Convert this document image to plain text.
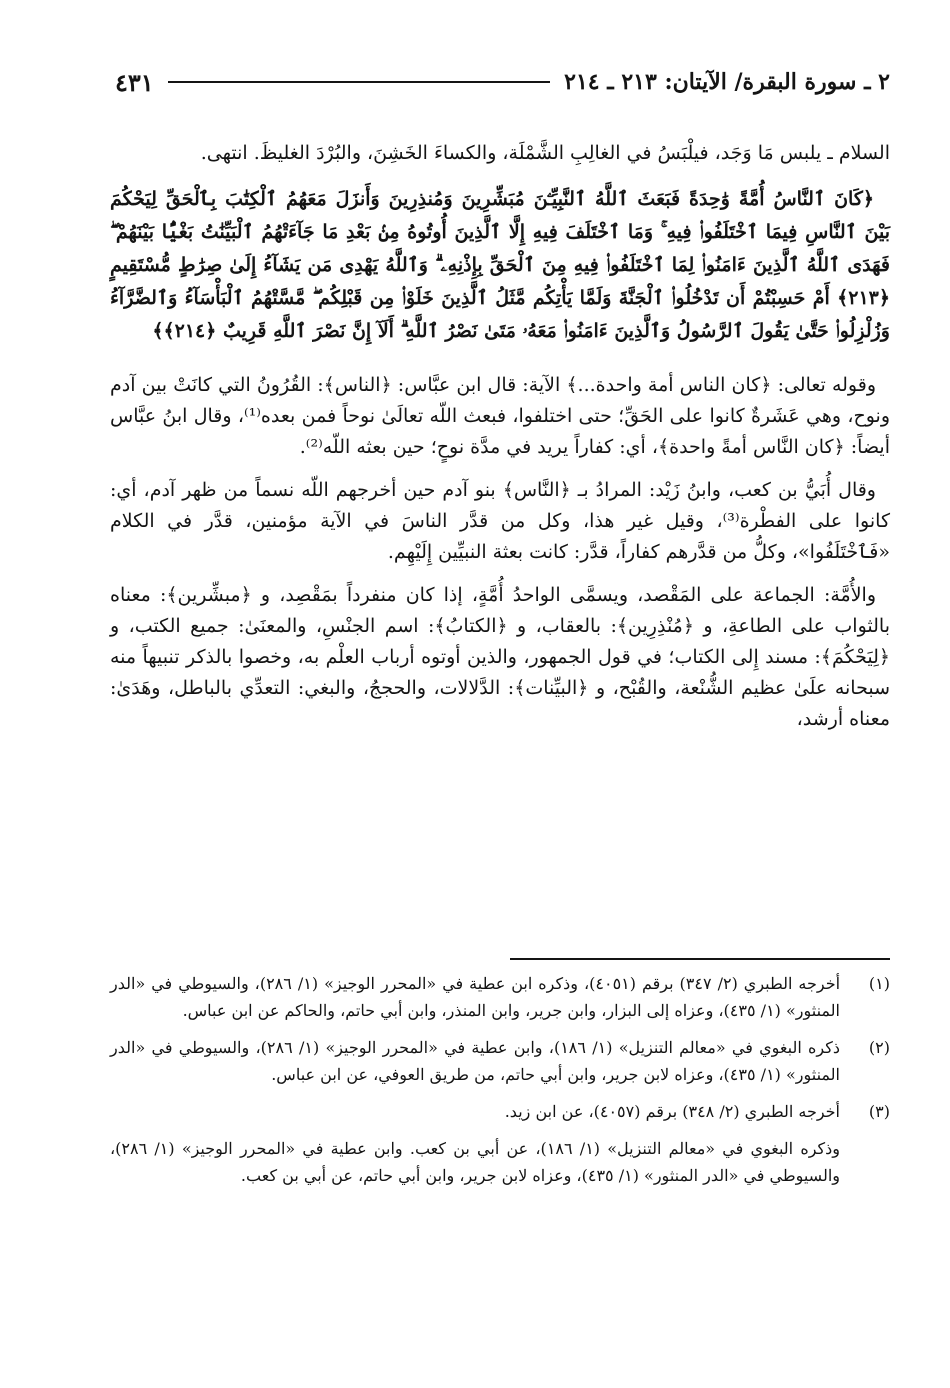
٢ ـ سورة البقرة/ الآيتان: ٢١٣ ـ ٢١٤
٤٣١

السلام ـ يلبس مَا وَجَد، فيلْبَسُ في الغالِبِ الشَّمْلَة، والكساءَ الخَشِنَ، والبُرْدَ الغليظَ. انتهى.

﴿كَانَ ٱلنَّاسُ أُمَّةً وَٰحِدَةً فَبَعَثَ ٱللَّهُ ٱلنَّبِيِّـۧنَ مُبَشِّرِينَ وَمُنذِرِينَ وَأَنزَلَ مَعَهُمُ ٱلْكِتَٰبَ بِٱلْحَقِّ لِيَحْكُمَ بَيْنَ ٱلنَّاسِ فِيمَا ٱخْتَلَفُوا۟ فِيهِ ۚ وَمَا ٱخْتَلَفَ فِيهِ إِلَّا ٱلَّذِينَ أُوتُوهُ مِنۢ بَعْدِ مَا جَآءَتْهُمُ ٱلْبَيِّنَٰتُ بَغْيًۢا بَيْنَهُمْ ۖ فَهَدَى ٱللَّهُ ٱلَّذِينَ ءَامَنُوا۟ لِمَا ٱخْتَلَفُوا۟ فِيهِ مِنَ ٱلْحَقِّ بِإِذْنِهِۦ ۗ وَٱللَّهُ يَهْدِى مَن يَشَآءُ إِلَىٰ صِرَٰطٍ مُّسْتَقِيمٍ ﴿٢١٣﴾ أَمْ حَسِبْتُمْ أَن تَدْخُلُوا۟ ٱلْجَنَّةَ وَلَمَّا يَأْتِكُم مَّثَلُ ٱلَّذِينَ خَلَوْا۟ مِن قَبْلِكُم ۖ مَّسَّتْهُمُ ٱلْبَأْسَآءُ وَٱلضَّرَّآءُ وَزُلْزِلُوا۟ حَتَّىٰ يَقُولَ ٱلرَّسُولُ وَٱلَّذِينَ ءَامَنُوا۟ مَعَهُۥ مَتَىٰ نَصْرُ ٱللَّهِ ۗ أَلَآ إِنَّ نَصْرَ ٱللَّهِ قَرِيبٌ ﴿٢١٤﴾﴾

وقوله تعالى: ﴿كان الناس أمة واحدة...﴾ الآية: قال ابن عبَّاس: ﴿الناس﴾: القُرُونُ التي كانَتْ بين آدم ونوح، وهي عَشَرةٌ كانوا على الحَقِّ؛ حتى اختلفوا، فبعث اللّه تعالَىٰ نوحاً فمن بعده⁽¹⁾، وقال ابنُ عبَّاس أيضاً: ﴿كان النَّاس أمةً واحدة﴾، أي: كفاراً يريد في مدَّة نوحٍ؛ حين بعثه اللّه⁽²⁾.

وقال أُبَيُّ بن كعب، وابنُ زَيْد: المرادُ بـ ﴿النَّاس﴾ بنو آدم حين أخرجهم اللّه نسماً من ظهر آدم، أي: كانوا على الفطْرة⁽³⁾، وقيل غير هذا، وكل من قدَّر الناسَ في الآية مؤمنين، قدَّر في الكلام «فَٱخْتَلَفُوا»، وكلُّ من قدَّرهم كفاراً، قدَّر: كانت بعثة النبيِّين إِلَيْهِم.

والأُمَّة: الجماعة على المَقْصد، ويسمَّى الواحدُ أُمَّةٍ، إذا كان منفرداً بمَقْصِد، و ﴿مبشِّرين﴾: معناه بالثواب على الطاعةِ، و ﴿مُنْذِرِين﴾: بالعقاب، و ﴿الكتابُ﴾: اسم الجنْسِ، والمعنَىٰ: جميع الكتب، و ﴿لِيَحْكُمَ﴾: مسند إِلى الكتاب؛ في قول الجمهور، والذين أوتوه أرباب العلْم به، وخصوا بالذكر تنبيهاً منه سبحانه علَىٰ عظيم الشُّنْعة، والقُبْح، و ﴿البيِّنات﴾: الدَّلالات، والحججُ، والبغي: التعدِّي بالباطل، وهَدَىٰ: معناه أرشد،

(١)
أخرجه الطبري (٢/ ٣٤٧) برقم (٤٠٥١)، وذكره ابن عطية في «المحرر الوجيز» (١/ ٢٨٦)، والسيوطي في «الدر المنثور» (١/ ٤٣٥)، وعزاه إلى البزار، وابن جرير، وابن المنذر، وابن أبي حاتم، والحاكم عن ابن عباس.
(٢)
ذكره البغوي في «معالم التنزيل» (١/ ١٨٦)، وابن عطية في «المحرر الوجيز» (١/ ٢٨٦)، والسيوطي في «الدر المنثور» (١/ ٤٣٥)، وعزاه لابن جرير، وابن أبي حاتم، من طريق العوفي، عن ابن عباس.
(٣)
أخرجه الطبري (٢/ ٣٤٨) برقم (٤٠٥٧)، عن ابن زيد.
وذكره البغوي في «معالم التنزيل» (١/ ١٨٦)، عن أبي بن كعب. وابن عطية في «المحرر الوجيز» (١/ ٢٨٦)، والسيوطي في «الدر المنثور» (١/ ٤٣٥)، وعزاه لابن جرير، وابن أبي حاتم، عن أبي بن كعب.
